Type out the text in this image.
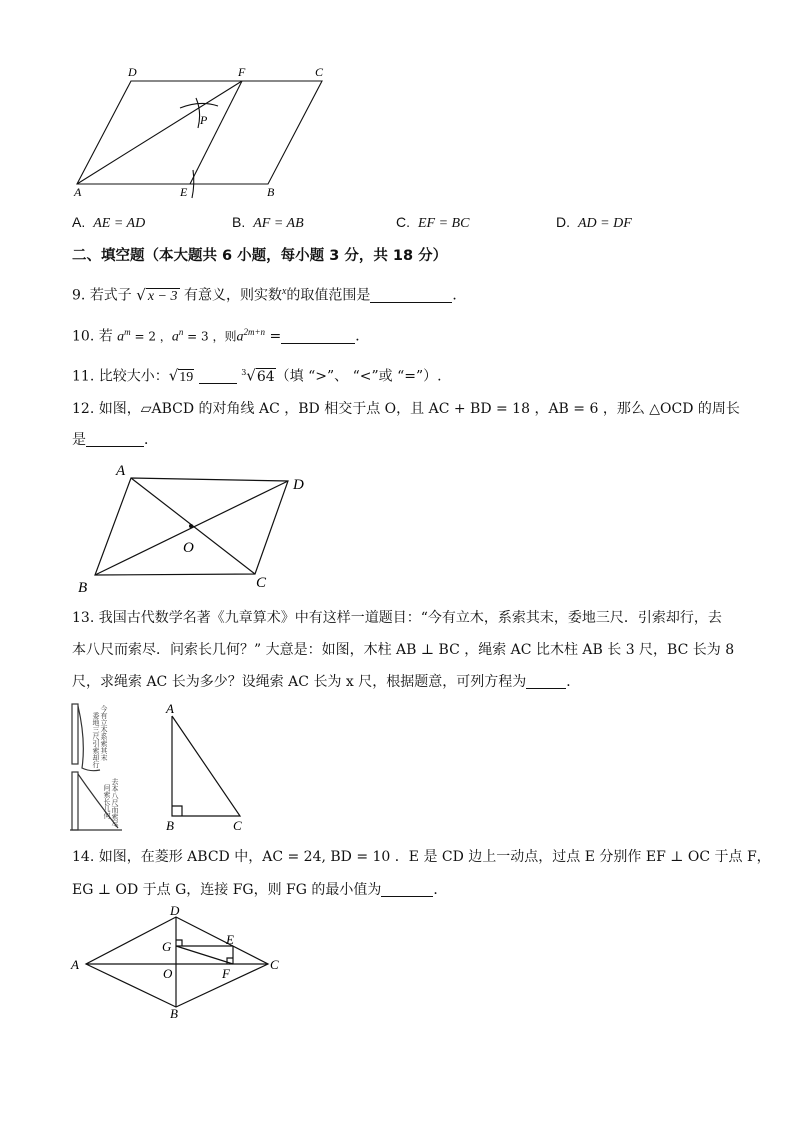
D	F	C
P
A	E	B
A. AE = AD	B. AF = AB	C. EF = BC	D. AD = DF
二、填空题（本大题共 6 小题，每小题 3 分，共 18 分）
9. 若式子 √ x − 3 有意义，则实数$^x$的取值范围是	．
10. 若 $a^m = 2$ ，$a^n = 3$ ，则$a^{2m+n}$ =	．
11. 比较大小：√19	$^3$√64（填 “>”、 “<”或 “=”）.
12. 如图，▱ABCD 的对角线 AC ，BD 相交于点 O，且 AC + BD = 18 ，AB = 6 ，那么 △OCD 的周长
是	．
A
D
O
B	C
13. 我国古代数学名著《九章算术》中有这样一道题目：“今有立木，系索其末，委地三尺．引索却行，去
本八尺而索尽．问索长几何？” 大意是：如图，木柱 AB ⊥ BC ，绳索 AC 比木柱 AB 长 3 尺，BC 长为 8
尺，求绳索 AC 长为多少？设绳索 AC 长为 x 尺，根据题意，可列方程为	．
今有立木系索其末
委地三尺引索却行
去本八尺而索尽
问索长几何
A
B	C
14. 如图，在菱形 ABCD 中，AC = 24, BD = 10 ．E 是 CD 边上一动点，过点 E 分别作 EF ⊥ OC 于点 F，
EG ⊥ OD 于点 G，连接 FG，则 FG 的最小值为	．
D
G	E
A
O	F
C
B
